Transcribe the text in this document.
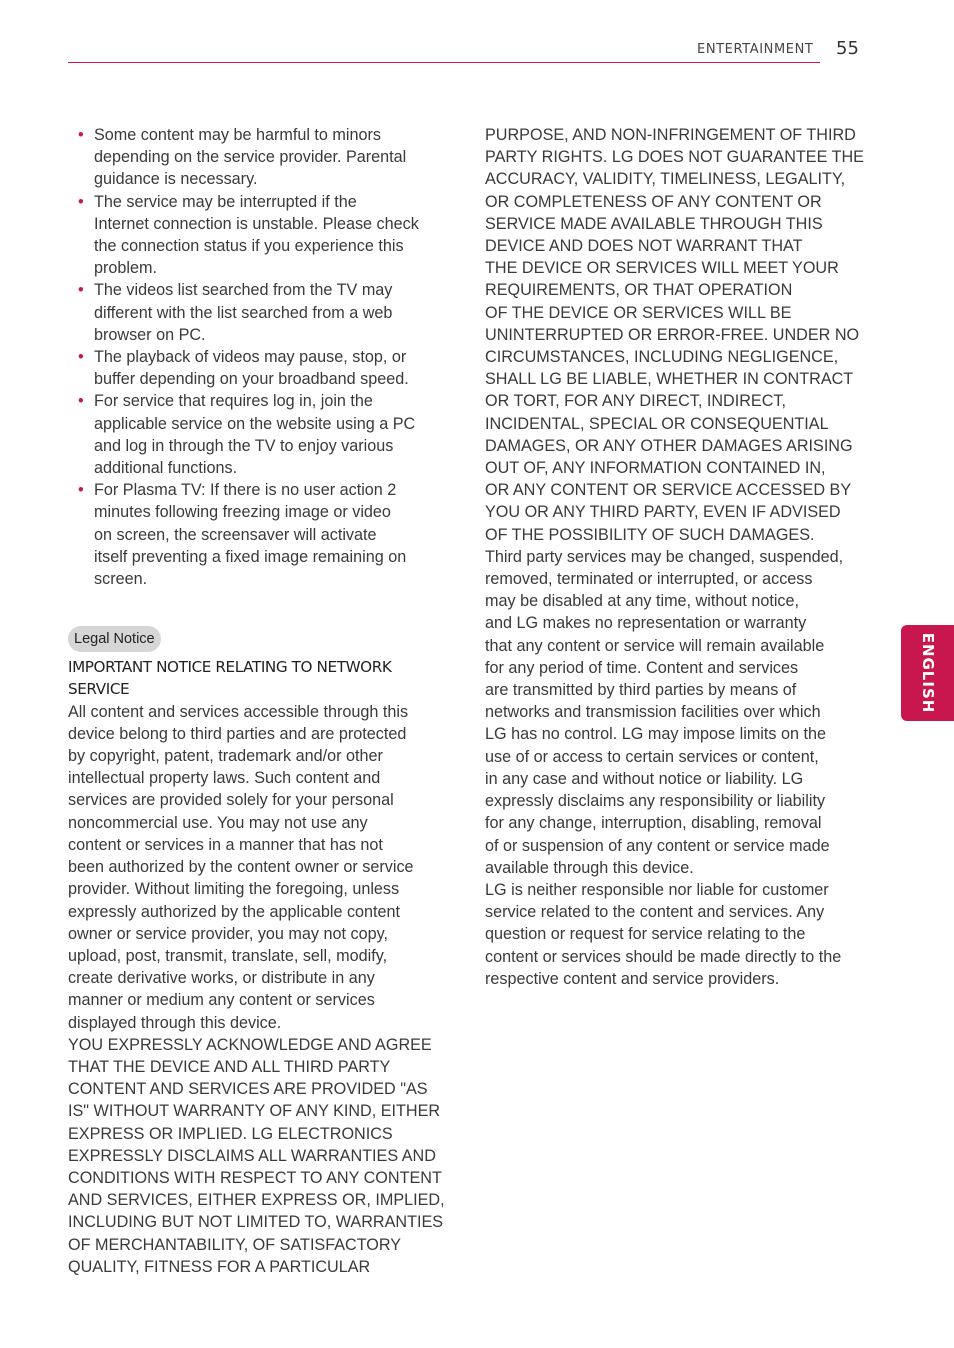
ENTERTAINMENT 55
ENGLISH
• Some content may be harmful to minors
depending on the service provider. Parental
guidance is necessary.
• The service may be interrupted if the
Internet connection is unstable. Please check
the connection status if you experience this
problem.
• The videos list searched from the TV may
different with the list searched from a web
browser on PC.
• The playback of videos may pause, stop, or
buffer depending on your broadband speed.
• For service that requires log in, join the
applicable service on the website using a PC
and log in through the TV to enjoy various
additional functions.
• For Plasma TV: If there is no user action 2
minutes following freezing image or video
on screen, the screensaver will activate
itself preventing a fixed image remaining on
screen.
Legal Notice
IMPORTANT NOTICE RELATING TO NETWORK
SERVICE

All content and services accessible through this
device belong to third parties and are protected
by copyright, patent, trademark and/or other
intellectual property laws. Such content and
services are provided solely for your personal
noncommercial use. You may not use any
content or services in a manner that has not
been authorized by the content owner or service
provider. Without limiting the foregoing, unless
expressly authorized by the applicable content
owner or service provider, you may not copy,
upload, post, transmit, translate, sell, modify,
create derivative works, or distribute in any
manner or medium any content or services
displayed through this device.

YOU EXPRESSLY ACKNOWLEDGE AND AGREE
THAT THE DEVICE AND ALL THIRD PARTY
CONTENT AND SERVICES ARE PROVIDED "AS
IS" WITHOUT WARRANTY OF ANY KIND, EITHER
EXPRESS OR IMPLIED. LG ELECTRONICS
EXPRESSLY DISCLAIMS ALL WARRANTIES AND
CONDITIONS WITH RESPECT TO ANY CONTENT
AND SERVICES, EITHER EXPRESS OR, IMPLIED,
INCLUDING BUT NOT LIMITED TO, WARRANTIES
OF MERCHANTABILITY, OF SATISFACTORY
QUALITY, FITNESS FOR A PARTICULAR

PURPOSE, AND NON-INFRINGEMENT OF THIRD
PARTY RIGHTS. LG DOES NOT GUARANTEE THE
ACCURACY, VALIDITY, TIMELINESS, LEGALITY,
OR COMPLETENESS OF ANY CONTENT OR
SERVICE MADE AVAILABLE THROUGH THIS
DEVICE AND DOES NOT WARRANT THAT
THE DEVICE OR SERVICES WILL MEET YOUR
REQUIREMENTS, OR THAT OPERATION
OF THE DEVICE OR SERVICES WILL BE
UNINTERRUPTED OR ERROR-FREE. UNDER NO
CIRCUMSTANCES, INCLUDING NEGLIGENCE,
SHALL LG BE LIABLE, WHETHER IN CONTRACT
OR TORT, FOR ANY DIRECT, INDIRECT,
INCIDENTAL, SPECIAL OR CONSEQUENTIAL
DAMAGES, OR ANY OTHER DAMAGES ARISING
OUT OF, ANY INFORMATION CONTAINED IN,
OR ANY CONTENT OR SERVICE ACCESSED BY
YOU OR ANY THIRD PARTY, EVEN IF ADVISED
OF THE POSSIBILITY OF SUCH DAMAGES.

Third party services may be changed, suspended,
removed, terminated or interrupted, or access
may be disabled at any time, without notice,
and LG makes no representation or warranty
that any content or service will remain available
for any period of time. Content and services
are transmitted by third parties by means of
networks and transmission facilities over which
LG has no control. LG may impose limits on the
use of or access to certain services or content,
in any case and without notice or liability. LG
expressly disclaims any responsibility or liability
for any change, interruption, disabling, removal
of or suspension of any content or service made
available through this device.

LG is neither responsible nor liable for customer
service related to the content and services. Any
question or request for service relating to the
content or services should be made directly to the
respective content and service providers.
